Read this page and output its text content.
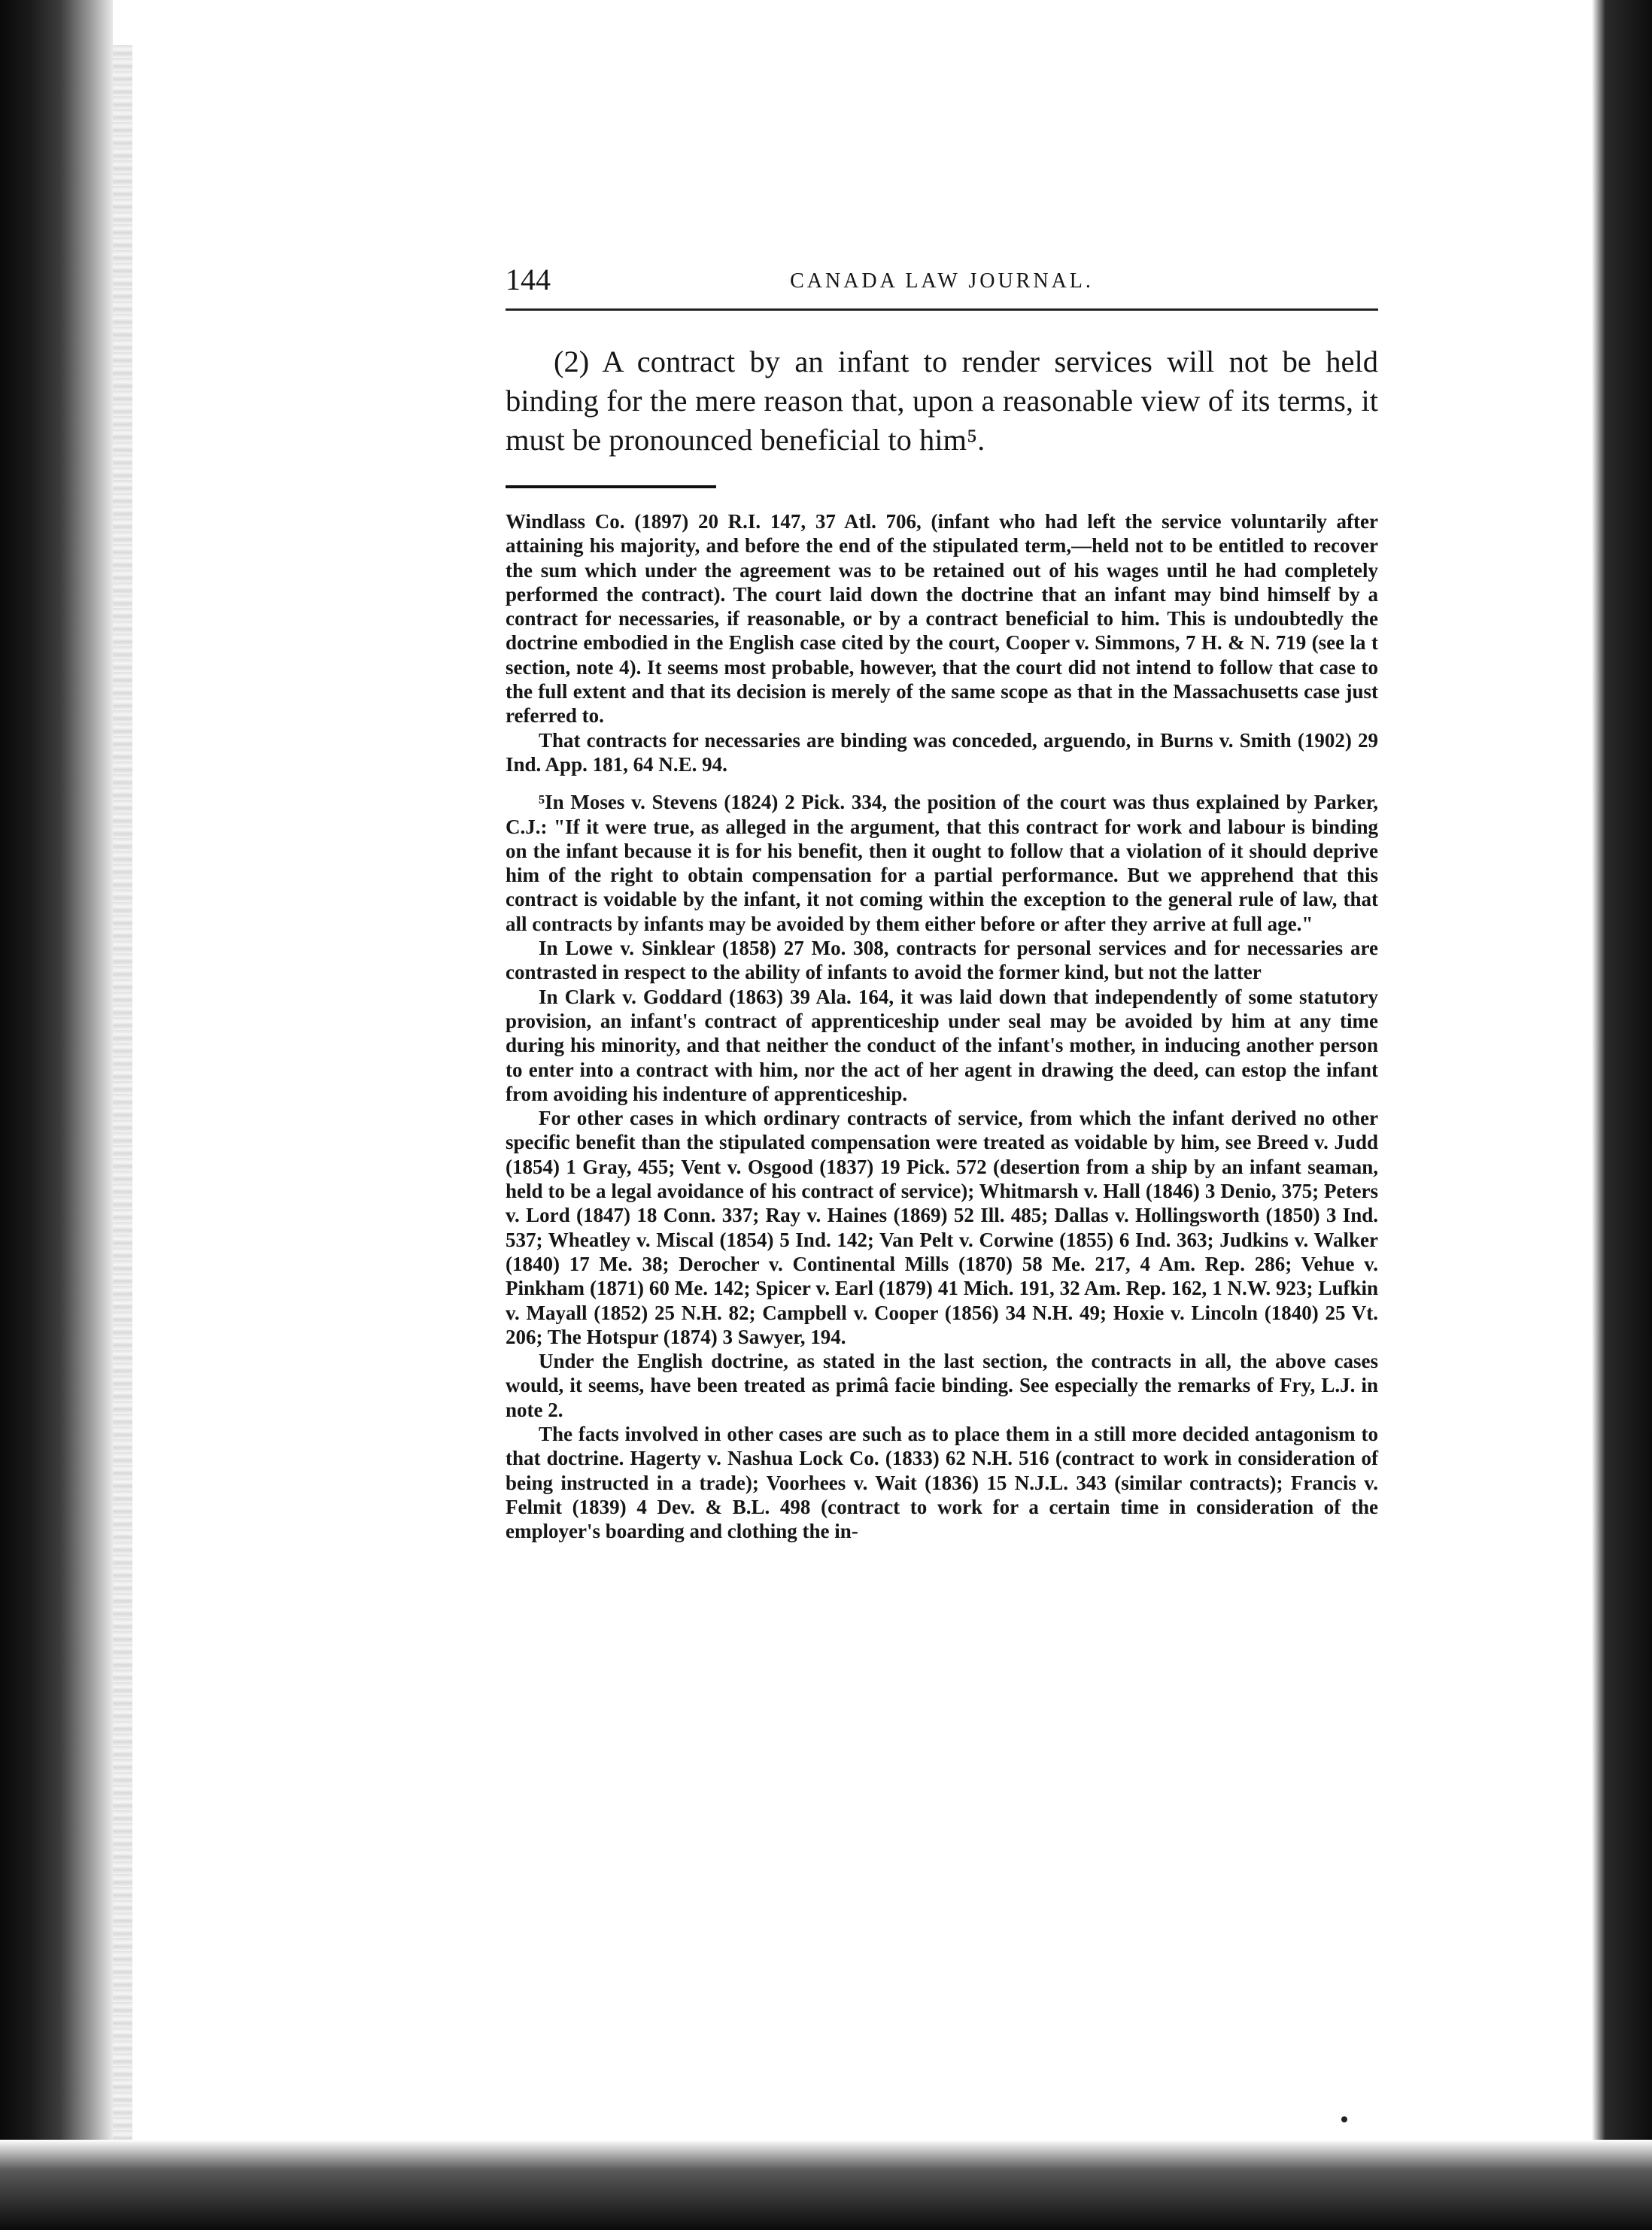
144	CANADA LAW JOURNAL.

(2) A contract by an infant to render services will not be held binding for the mere reason that, upon a reasonable view of its terms, it must be pronounced beneficial to him⁵.

Windlass Co. (1897) 20 R.I. 147, 37 Atl. 706, (infant who had left the service voluntarily after attaining his majority, and before the end of the stipulated term,—held not to be entitled to recover the sum which under the agreement was to be retained out of his wages until he had completely performed the contract). The court laid down the doctrine that an infant may bind himself by a contract for necessaries, if reasonable, or by a contract beneficial to him. This is undoubtedly the doctrine embodied in the English case cited by the court, Cooper v. Simmons, 7 H. & N. 719 (see la t section, note 4). It seems most probable, however, that the court did not intend to follow that case to the full extent and that its decision is merely of the same scope as that in the Massachusetts case just referred to.

That contracts for necessaries are binding was conceded, arguendo, in Burns v. Smith (1902) 29 Ind. App. 181, 64 N.E. 94.

⁵In Moses v. Stevens (1824) 2 Pick. 334, the position of the court was thus explained by Parker, C.J.: "If it were true, as alleged in the argument, that this contract for work and labour is binding on the infant because it is for his benefit, then it ought to follow that a violation of it should deprive him of the right to obtain compensation for a partial performance. But we apprehend that this contract is voidable by the infant, it not coming within the exception to the general rule of law, that all contracts by infants may be avoided by them either before or after they arrive at full age."

In Lowe v. Sinklear (1858) 27 Mo. 308, contracts for personal services and for necessaries are contrasted in respect to the ability of infants to avoid the former kind, but not the latter

In Clark v. Goddard (1863) 39 Ala. 164, it was laid down that independently of some statutory provision, an infant's contract of apprenticeship under seal may be avoided by him at any time during his minority, and that neither the conduct of the infant's mother, in inducing another person to enter into a contract with him, nor the act of her agent in drawing the deed, can estop the infant from avoiding his indenture of apprenticeship.

For other cases in which ordinary contracts of service, from which the infant derived no other specific benefit than the stipulated compensation were treated as voidable by him, see Breed v. Judd (1854) 1 Gray, 455; Vent v. Osgood (1837) 19 Pick. 572 (desertion from a ship by an infant seaman, held to be a legal avoidance of his contract of service); Whitmarsh v. Hall (1846) 3 Denio, 375; Peters v. Lord (1847) 18 Conn. 337; Ray v. Haines (1869) 52 Ill. 485; Dallas v. Hollingsworth (1850) 3 Ind. 537; Wheatley v. Miscal (1854) 5 Ind. 142; Van Pelt v. Corwine (1855) 6 Ind. 363; Judkins v. Walker (1840) 17 Me. 38; Derocher v. Continental Mills (1870) 58 Me. 217, 4 Am. Rep. 286; Vehue v. Pinkham (1871) 60 Me. 142; Spicer v. Earl (1879) 41 Mich. 191, 32 Am. Rep. 162, 1 N.W. 923; Lufkin v. Mayall (1852) 25 N.H. 82; Campbell v. Cooper (1856) 34 N.H. 49; Hoxie v. Lincoln (1840) 25 Vt. 206; The Hotspur (1874) 3 Sawyer, 194.

Under the English doctrine, as stated in the last section, the contracts in all, the above cases would, it seems, have been treated as primâ facie binding. See especially the remarks of Fry, L.J. in note 2.

The facts involved in other cases are such as to place them in a still more decided antagonism to that doctrine. Hagerty v. Nashua Lock Co. (1833) 62 N.H. 516 (contract to work in consideration of being instructed in a trade); Voorhees v. Wait (1836) 15 N.J.L. 343 (similar contracts); Francis v. Felmit (1839) 4 Dev. & B.L. 498 (contract to work for a certain time in consideration of the employer's boarding and clothing the in-
